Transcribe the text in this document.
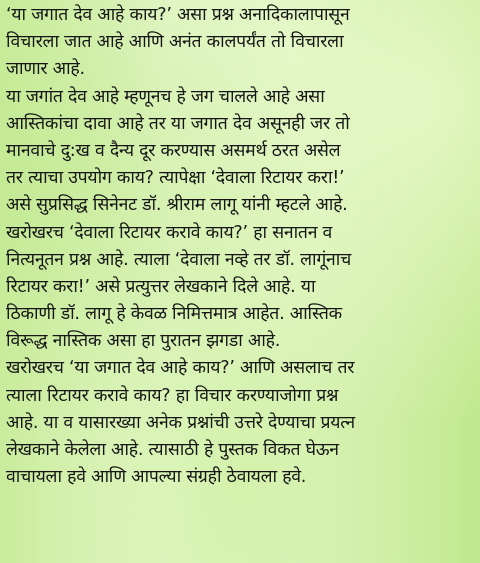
‘या जगात देव आहे काय?’ असा प्रश्न अनादिकालापासून
विचारला जात आहे आणि अनंत कालपर्यंत तो विचारला
जाणार आहे.
या जगांत देव आहे म्हणूनच हे जग चालले आहे असा
आस्तिकांचा दावा आहे तर या जगात देव असूनही जर तो
मानवाचे दु:ख व दैन्य दूर करण्यास असमर्थ ठरत असेल
तर त्याचा उपयोग काय? त्यापेक्षा ‘देवाला रिटायर करा!’
असे सुप्रसिद्ध सिनेनट डॉ. श्रीराम लागू यांनी म्हटले आहे.
खरोखरच ‘देवाला रिटायर करावे काय?’ हा सनातन व
नित्यनूतन प्रश्न आहे. त्याला ‘देवाला नव्हे तर डॉ. लागूंनाच
रिटायर करा!’ असे प्रत्युत्तर लेखकाने दिले आहे. या
ठिकाणी डॉ. लागू हे केवळ निमित्तमात्र आहेत. आस्तिक
विरूद्ध नास्तिक असा हा पुरातन झगडा आहे.
खरोखरच ‘या जगात देव आहे काय?’ आणि असलाच तर
त्याला रिटायर करावे काय? हा विचार करण्याजोगा प्रश्न
आहे. या व यासारख्या अनेक प्रश्नांची उत्तरे देण्याचा प्रयत्न
लेखकाने केलेला आहे. त्यासाठी हे पुस्तक विकत घेऊन
वाचायला हवे आणि आपल्या संग्रही ठेवायला हवे.
